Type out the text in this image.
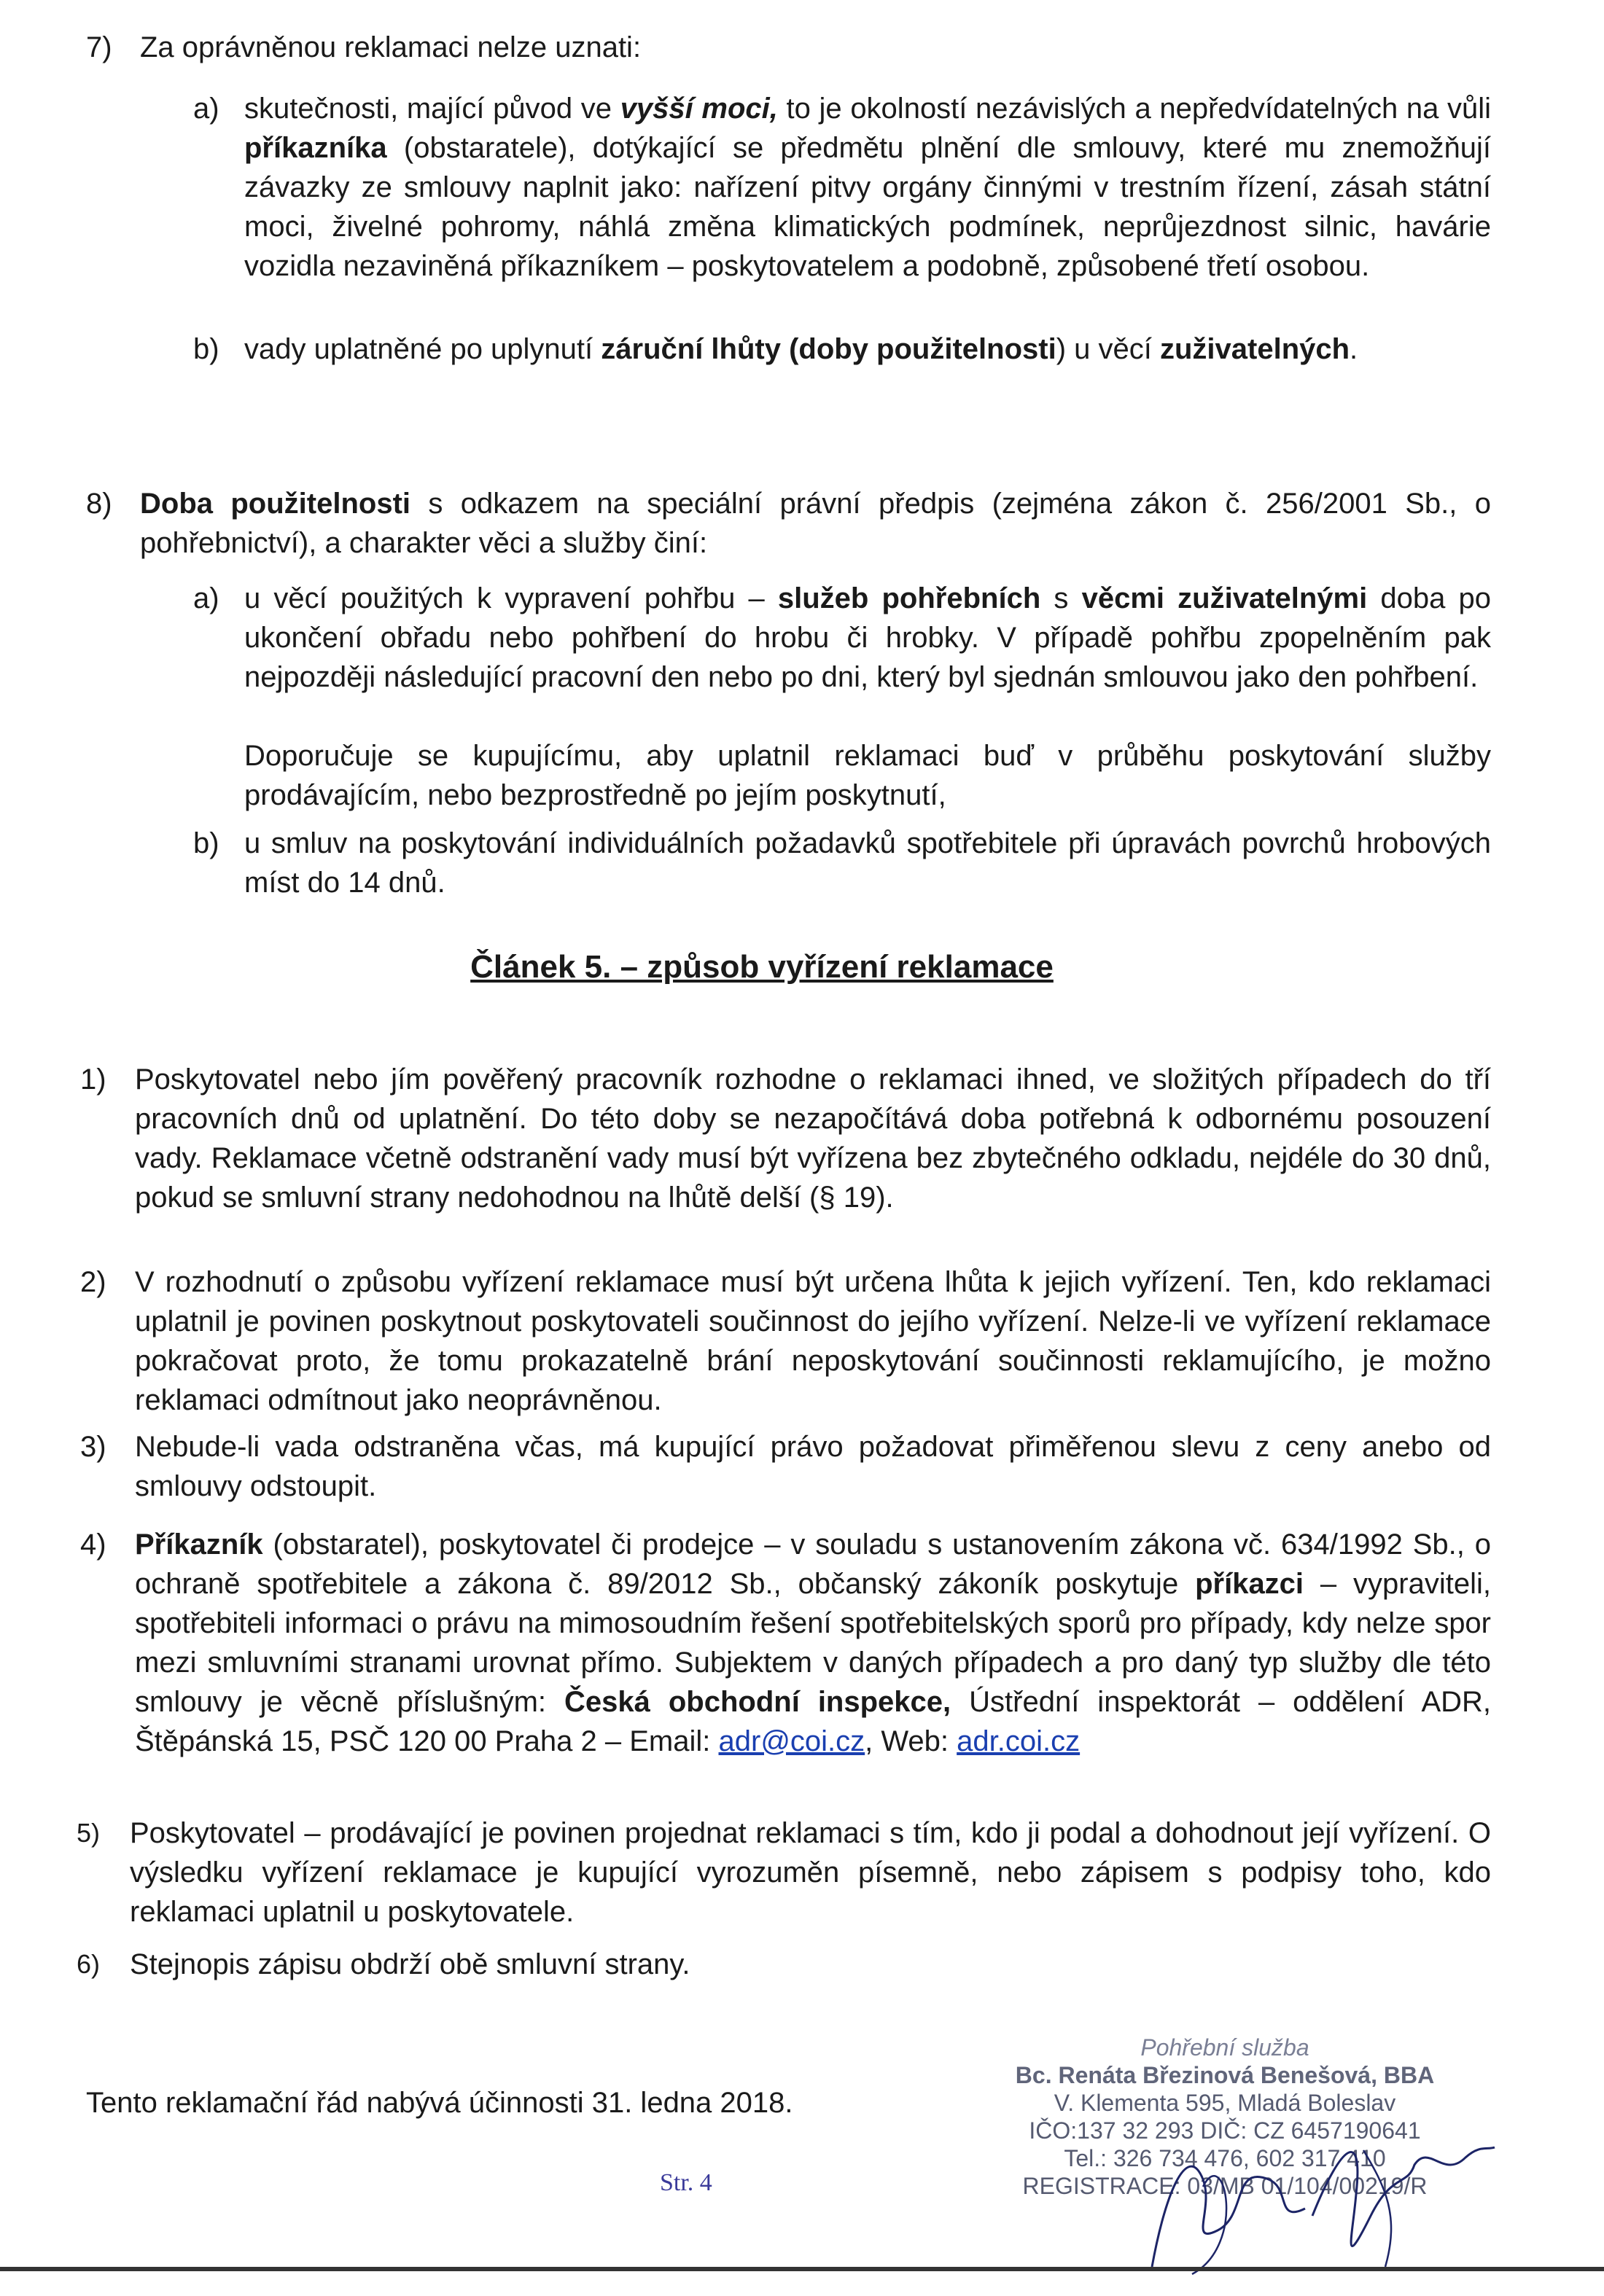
7) Za oprávněnou reklamaci nelze uznati:
a) skutečnosti, mající původ ve vyšší moci, to je okolností nezávislých a nepředvídatelných na vůli příkazníka (obstaratele), dotýkající se předmětu plnění dle smlouvy, které mu znemožňují závazky ze smlouvy naplnit jako: nařízení pitvy orgány činnými v trestním řízení, zásah státní moci, živelné pohromy, náhlá změna klimatických podmínek, neprůjezdnost silnic, havárie vozidla nezaviněná příkazníkem – poskytovatelem a podobně, způsobené třetí osobou.

b) vady uplatněné po uplynutí záruční lhůty (doby použitelnosti) u věcí zuživatelných.

8) Doba použitelnosti s odkazem na speciální právní předpis (zejména zákon č. 256/2001 Sb., o pohřebnictví), a charakter věci a služby činí:

a) u věcí použitých k vypravení pohřbu – služeb pohřebních s věcmi zuživatelnými doba po ukončení obřadu nebo pohřbení do hrobu či hrobky. V případě pohřbu zpopelněním pak nejpozději následující pracovní den nebo po dni, který byl sjednán smlouvou jako den pohřbení.

Doporučuje se kupujícímu, aby uplatnil reklamaci buď v průběhu poskytování služby prodávajícím, nebo bezprostředně po jejím poskytnutí,

b) u smluv na poskytování individuálních požadavků spotřebitele při úpravách povrchů hrobových míst do 14 dnů.

Článek 5. – způsob vyřízení reklamace
1) Poskytovatel nebo jím pověřený pracovník rozhodne o reklamaci ihned, ve složitých případech do tří pracovních dnů od uplatnění. Do této doby se nezapočítává doba potřebná k odbornému posouzení vady. Reklamace včetně odstranění vady musí být vyřízena bez zbytečného odkladu, nejdéle do 30 dnů, pokud se smluvní strany nedohodnou na lhůtě delší (§ 19).

2) V rozhodnutí o způsobu vyřízení reklamace musí být určena lhůta k jejich vyřízení. Ten, kdo reklamaci uplatnil je povinen poskytnout poskytovateli součinnost do jejího vyřízení. Nelze-li ve vyřízení reklamace pokračovat proto, že tomu prokazatelně brání neposkytování součinnosti reklamujícího, je možno reklamaci odmítnout jako neoprávněnou.

3) Nebude-li vada odstraněna včas, má kupující právo požadovat přiměřenou slevu z ceny anebo od smlouvy odstoupit.

4) Příkazník (obstaratel), poskytovatel či prodejce – v souladu s ustanovením zákona vč. 634/1992 Sb., o ochraně spotřebitele a zákona č. 89/2012 Sb., občanský zákoník poskytuje příkazci – vypraviteli, spotřebiteli informaci o právu na mimosoudním řešení spotřebitelských sporů pro případy, kdy nelze spor mezi smluvními stranami urovnat přímo. Subjektem v daných případech a pro daný typ služby dle této smlouvy je věcně příslušným: Česká obchodní inspekce, Ústřední inspektorát – oddělení ADR, Štěpánská 15, PSČ 120 00 Praha 2 – Email: adr@coi.cz, Web: adr.coi.cz

5) Poskytovatel – prodávající je povinen projednat reklamaci s tím, kdo ji podal a dohodnout její vyřízení. O výsledku vyřízení reklamace je kupující vyrozuměn písemně, nebo zápisem s podpisy toho, kdo reklamaci uplatnil u poskytovatele.

6) Stejnopis zápisu obdrží obě smluvní strany.

Tento reklamační řád nabývá účinnosti 31. ledna 2018.
Str. 4
Pohřební služba
Bc. Renáta Březinová Benešová, BBA
V. Klementa 595, Mladá Boleslav
IČO:137 32 293 DIČ: CZ 6457190641
Tel.: 326 734 476, 602 317 410
REGISTRACE: 03/MB 01/104/00219/R
